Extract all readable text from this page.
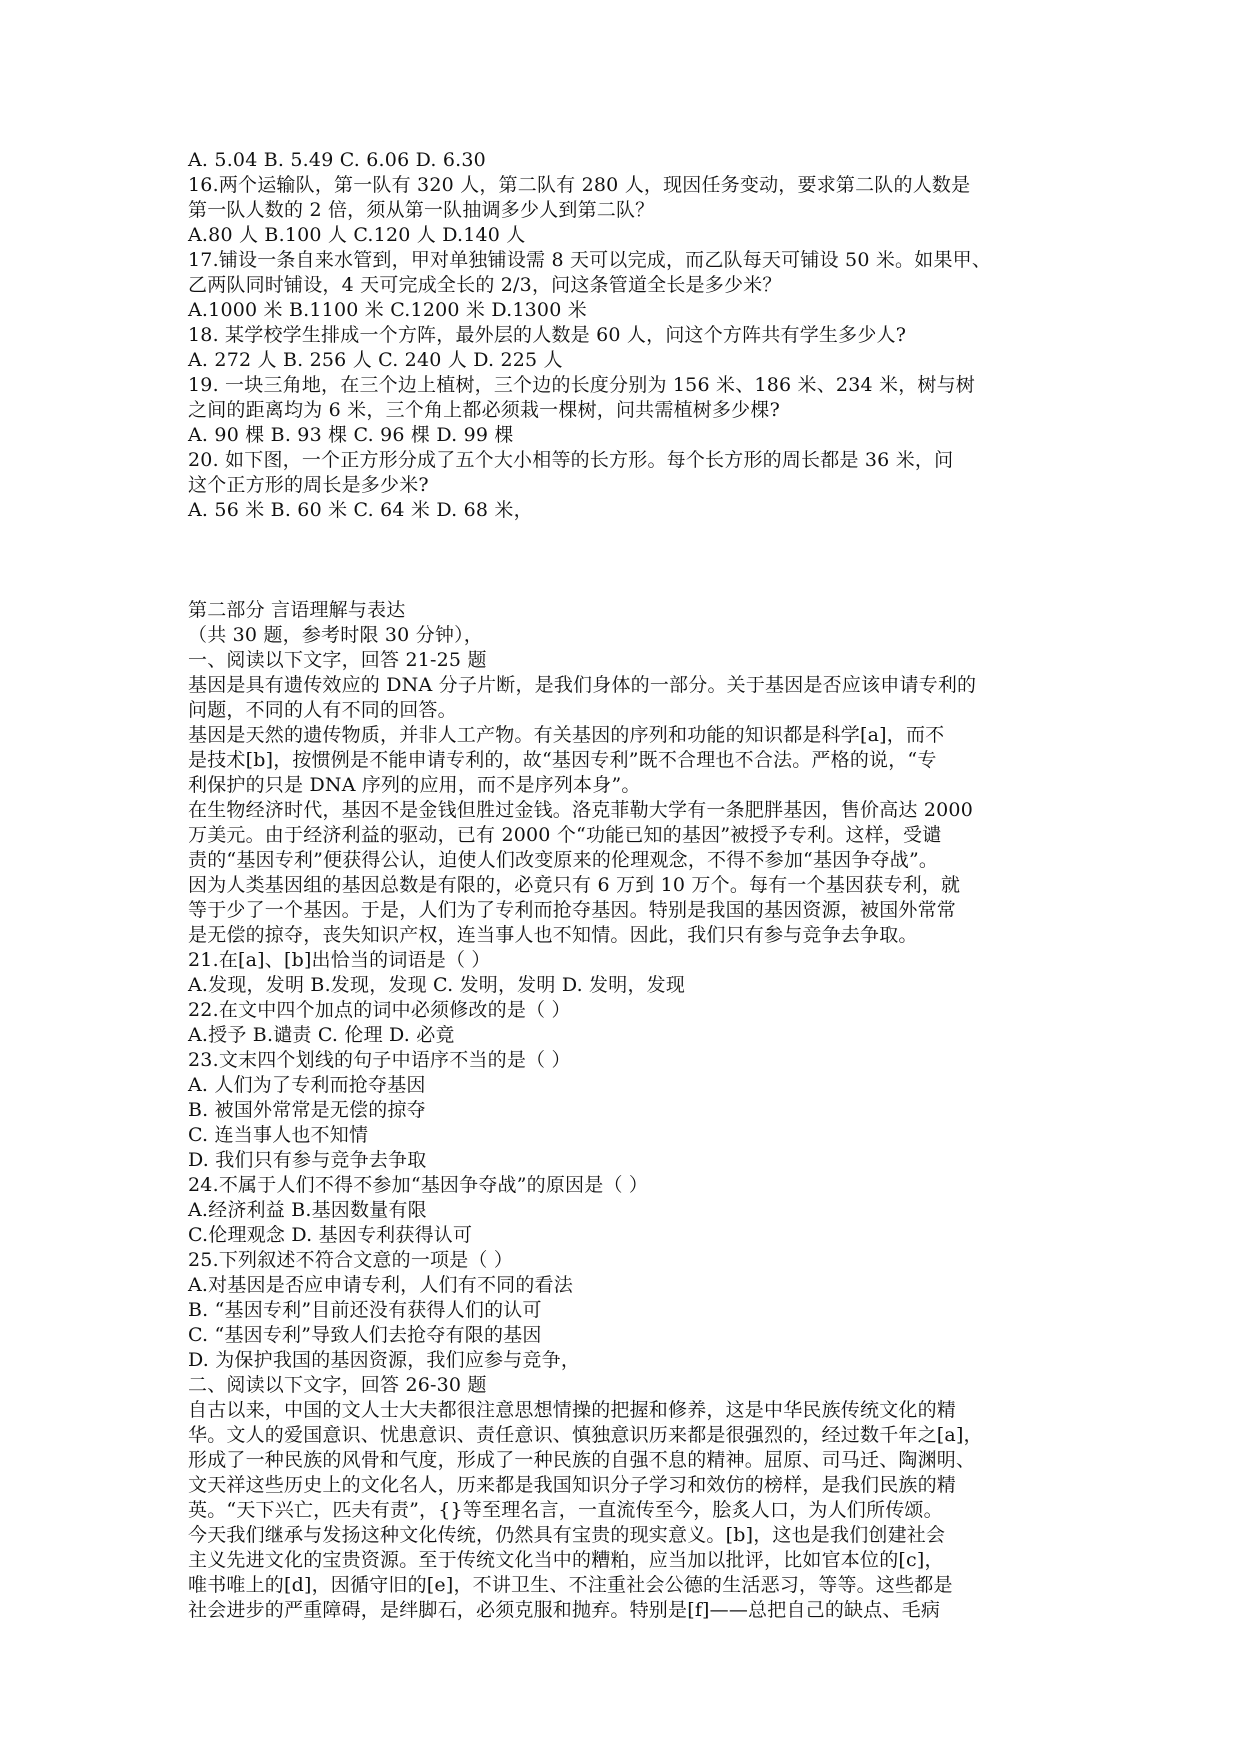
A. 5.04 B. 5.49 C. 6.06 D. 6.30
16.两个运输队，第一队有 320 人，第二队有 280 人，现因任务变动，要求第二队的人数是
第一队人数的 2 倍，须从第一队抽调多少人到第二队？
A.80 人 B.100 人 C.120 人 D.140 人
17.铺设一条自来水管到，甲对单独铺设需 8 天可以完成，而乙队每天可铺设 50 米。如果甲、
乙两队同时铺设，4 天可完成全长的 2/3，问这条管道全长是多少米？
A.1000 米 B.1100 米 C.1200 米 D.1300 米
18. 某学校学生排成一个方阵，最外层的人数是 60 人，问这个方阵共有学生多少人?
A. 272 人 B. 256 人 C. 240 人 D. 225 人
19. 一块三角地，在三个边上植树，三个边的长度分别为 156 米、186 米、234 米，树与树
之间的距离均为 6 米，三个角上都必须栽一棵树，问共需植树多少棵?
A. 90 棵 B. 93 棵 C. 96 棵 D. 99 棵
20. 如下图，一个正方形分成了五个大小相等的长方形。每个长方形的周长都是 36 米，问
这个正方形的周长是多少米?
A. 56 米 B. 60 米 C. 64 米 D. 68 米，
第二部分 言语理解与表达
（共 30 题，参考时限 30 分钟），
一、阅读以下文字，回答 21-25 题
基因是具有遗传效应的 DNA 分子片断，是我们身体的一部分。关于基因是否应该申请专利的
问题，不同的人有不同的回答。
基因是天然的遗传物质，并非人工产物。有关基因的序列和功能的知识都是科学[a]，而不
是技术[b]，按惯例是不能申请专利的，故“基因专利”既不合理也不合法。严格的说，“专
利保护的只是 DNA 序列的应用，而不是序列本身”。
在生物经济时代，基因不是金钱但胜过金钱。洛克菲勒大学有一条肥胖基因，售价高达 2000
万美元。由于经济利益的驱动，已有 2000 个“功能已知的基因”被授予专利。这样，受谴
责的“基因专利”便获得公认，迫使人们改变原来的伦理观念，不得不参加“基因争夺战”。
因为人类基因组的基因总数是有限的，必竟只有 6 万到 10 万个。每有一个基因获专利，就
等于少了一个基因。于是，人们为了专利而抢夺基因。特别是我国的基因资源，被国外常常
是无偿的掠夺，丧失知识产权，连当事人也不知情。因此，我们只有参与竞争去争取。
21.在[a]、[b]出恰当的词语是（ ）
A.发现，发明 B.发现，发现 C. 发明，发明 D. 发明，发现
22.在文中四个加点的词中必须修改的是（ ）
A.授予 B.谴责 C. 伦理 D. 必竟
23.文末四个划线的句子中语序不当的是（ ）
A. 人们为了专利而抢夺基因
B. 被国外常常是无偿的掠夺
C. 连当事人也不知情
D. 我们只有参与竞争去争取
24.不属于人们不得不参加“基因争夺战”的原因是（ ）
A.经济利益 B.基因数量有限
C.伦理观念 D. 基因专利获得认可
25.下列叙述不符合文意的一项是（ ）
A.对基因是否应申请专利，人们有不同的看法
B. “基因专利”目前还没有获得人们的认可
C. “基因专利”导致人们去抢夺有限的基因
D. 为保护我国的基因资源，我们应参与竞争，
二、阅读以下文字，回答 26-30 题
自古以来，中国的文人士大夫都很注意思想情操的把握和修养，这是中华民族传统文化的精
华。文人的爱国意识、忧患意识、责任意识、慎独意识历来都是很强烈的，经过数千年之[a]，
形成了一种民族的风骨和气度，形成了一种民族的自强不息的精神。屈原、司马迁、陶渊明、
文天祥这些历史上的文化名人，历来都是我国知识分子学习和效仿的榜样，是我们民族的精
英。“天下兴亡，匹夫有责”，{}等至理名言，一直流传至今，脍炙人口，为人们所传颂。
今天我们继承与发扬这种文化传统，仍然具有宝贵的现实意义。[b]，这也是我们创建社会
主义先进文化的宝贵资源。至于传统文化当中的糟粕，应当加以批评，比如官本位的[c]，
唯书唯上的[d]，因循守旧的[e]，不讲卫生、不注重社会公德的生活恶习，等等。这些都是
社会进步的严重障碍，是绊脚石，必须克服和抛弃。特别是[f]——总把自己的缺点、毛病
